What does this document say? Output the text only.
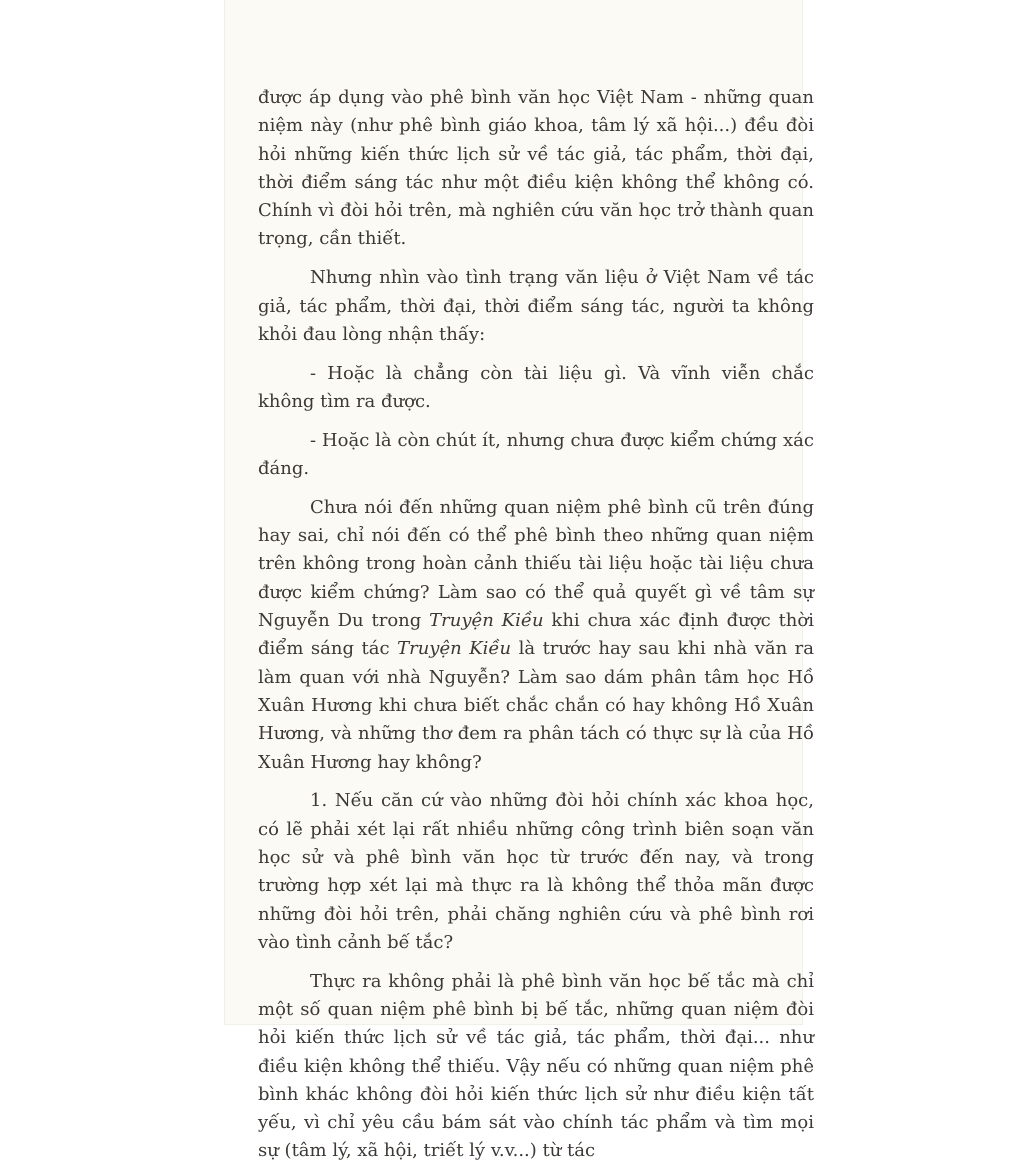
được áp dụng vào phê bình văn học Việt Nam - những quan niệm này (như phê bình giáo khoa, tâm lý xã hội...) đều đòi hỏi những kiến thức lịch sử về tác giả, tác phẩm, thời đại, thời điểm sáng tác như một điều kiện không thể không có. Chính vì đòi hỏi trên, mà nghiên cứu văn học trở thành quan trọng, cần thiết.

Nhưng nhìn vào tình trạng văn liệu ở Việt Nam về tác giả, tác phẩm, thời đại, thời điểm sáng tác, người ta không khỏi đau lòng nhận thấy:

- Hoặc là chẳng còn tài liệu gì. Và vĩnh viễn chắc không tìm ra được.

- Hoặc là còn chút ít, nhưng chưa được kiểm chứng xác đáng.

Chưa nói đến những quan niệm phê bình cũ trên đúng hay sai, chỉ nói đến có thể phê bình theo những quan niệm trên không trong hoàn cảnh thiếu tài liệu hoặc tài liệu chưa được kiểm chứng? Làm sao có thể quả quyết gì về tâm sự Nguyễn Du trong Truyện Kiều khi chưa xác định được thời điểm sáng tác Truyện Kiều là trước hay sau khi nhà văn ra làm quan với nhà Nguyễn? Làm sao dám phân tâm học Hồ Xuân Hương khi chưa biết chắc chắn có hay không Hồ Xuân Hương, và những thơ đem ra phân tách có thực sự là của Hồ Xuân Hương hay không?

1. Nếu căn cứ vào những đòi hỏi chính xác khoa học, có lẽ phải xét lại rất nhiều những công trình biên soạn văn học sử và phê bình văn học từ trước đến nay, và trong trường hợp xét lại mà thực ra là không thể thỏa mãn được những đòi hỏi trên, phải chăng nghiên cứu và phê bình rơi vào tình cảnh bế tắc?

Thực ra không phải là phê bình văn học bế tắc mà chỉ một số quan niệm phê bình bị bế tắc, những quan niệm đòi hỏi kiến thức lịch sử về tác giả, tác phẩm, thời đại... như điều kiện không thể thiếu. Vậy nếu có những quan niệm phê bình khác không đòi hỏi kiến thức lịch sử như điều kiện tất yếu, vì chỉ yêu cầu bám sát vào chính tác phẩm và tìm mọi sự (tâm lý, xã hội, triết lý v.v...) từ tác
